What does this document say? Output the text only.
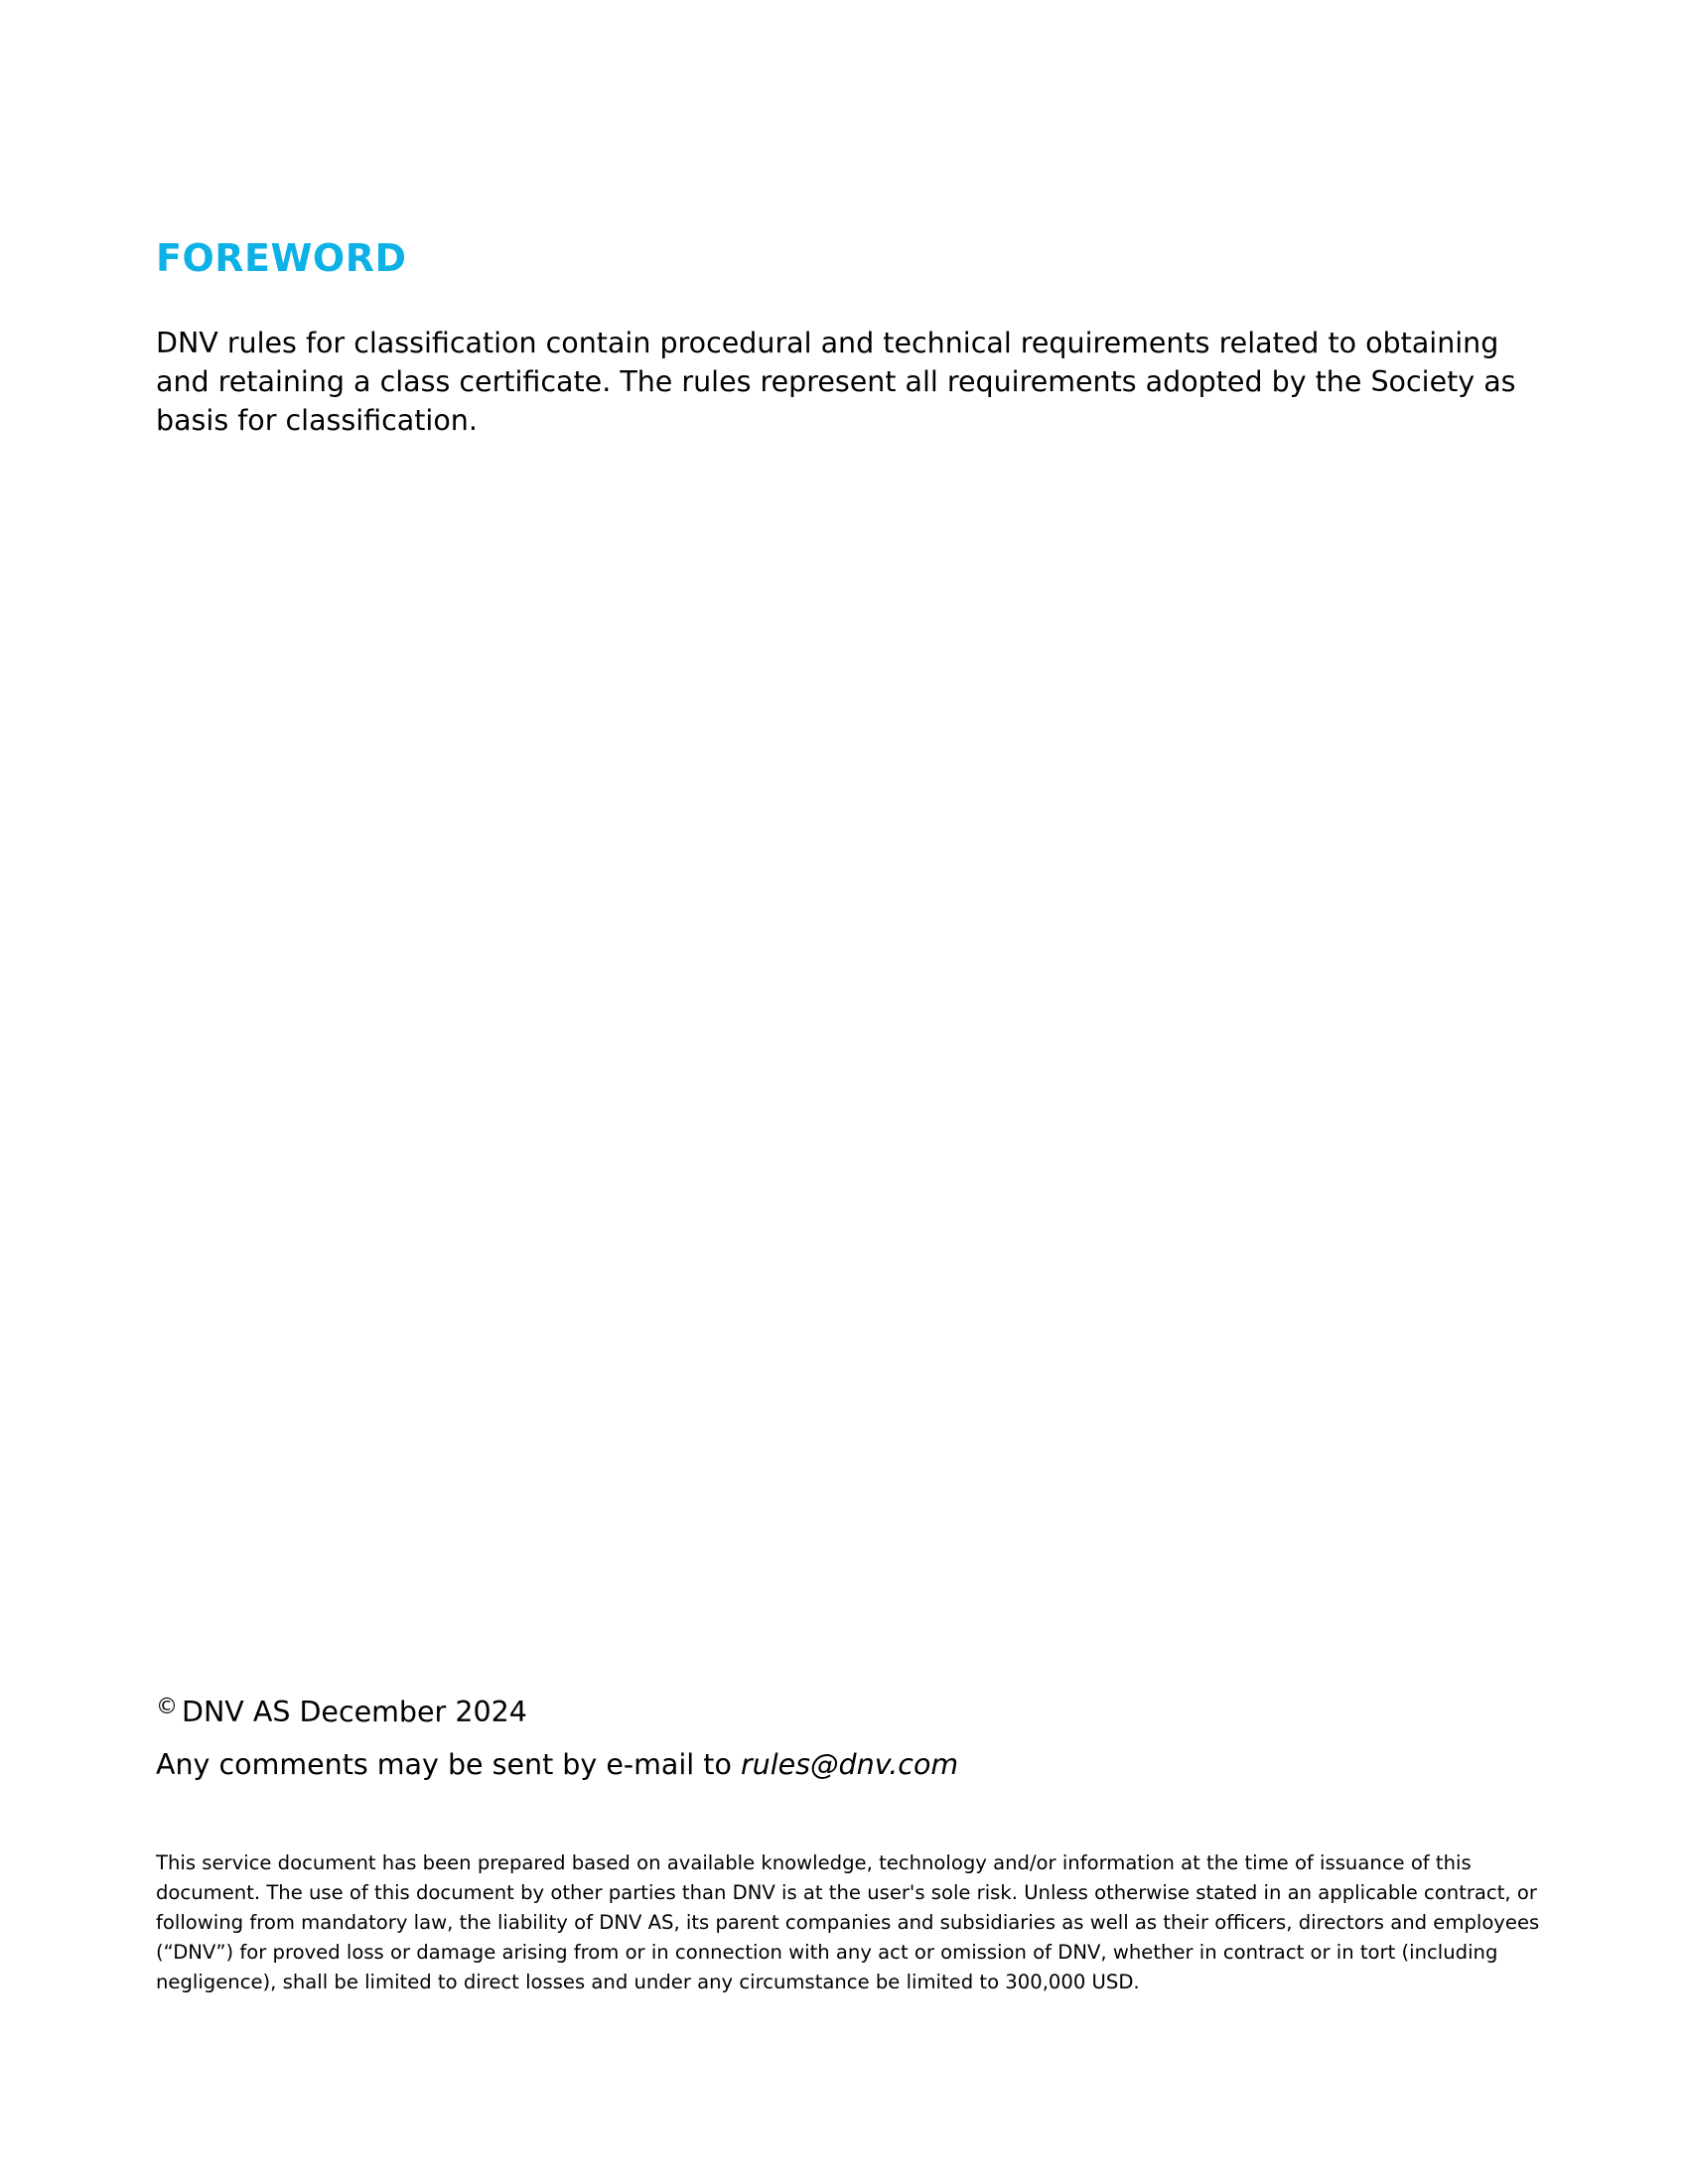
FOREWORD

DNV rules for classification contain procedural and technical requirements related to obtaining and retaining a class certificate. The rules represent all requirements adopted by the Society as basis for classification.

© DNV AS December 2024

Any comments may be sent by e-mail to rules@dnv.com

This service document has been prepared based on available knowledge, technology and/or information at the time of issuance of this document. The use of this document by other parties than DNV is at the user's sole risk. Unless otherwise stated in an applicable contract, or following from mandatory law, the liability of DNV AS, its parent companies and subsidiaries as well as their officers, directors and employees (“DNV”) for proved loss or damage arising from or in connection with any act or omission of DNV, whether in contract or in tort (including negligence), shall be limited to direct losses and under any circumstance be limited to 300,000 USD.
